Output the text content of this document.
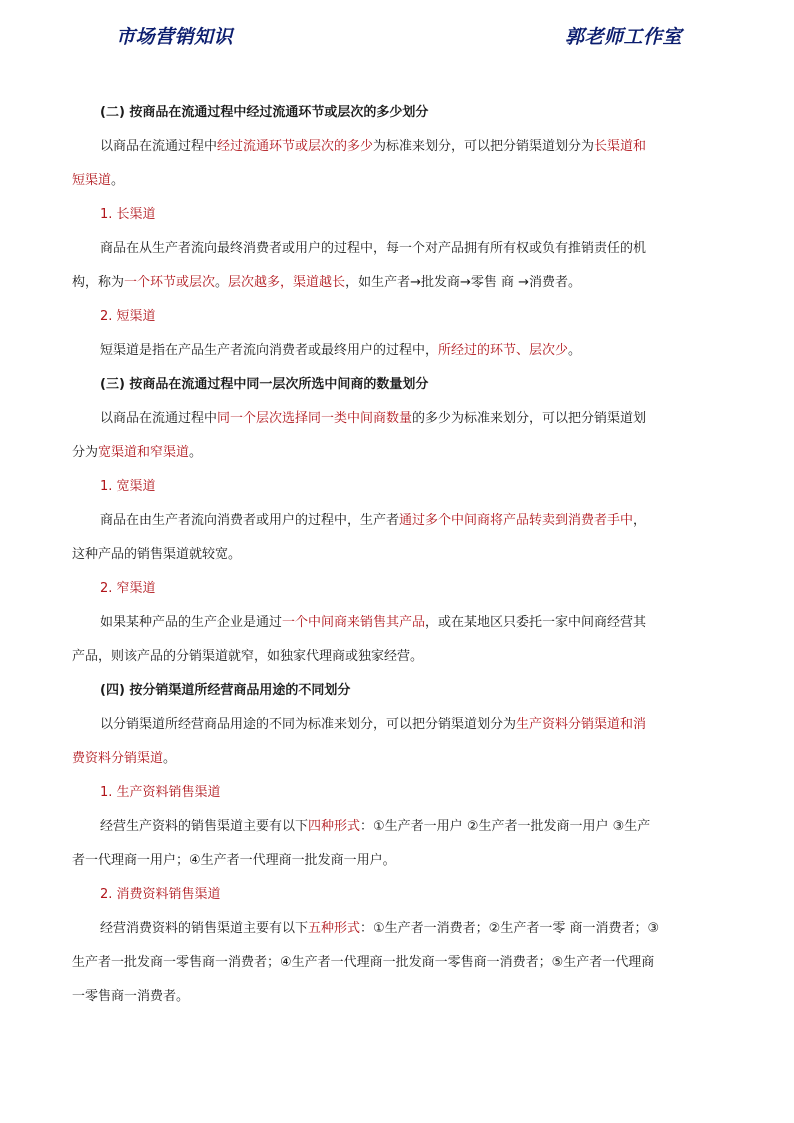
市场营销知识	郭老师工作室
(二) 按商品在流通过程中经过流通环节或层次的多少划分
以商品在流通过程中经过流通环节或层次的多少为标准来划分，可以把分销渠道划分为长渠道和
短渠道。
1. 长渠道
商品在从生产者流向最终消费者或用户的过程中，每一个对产品拥有所有权或负有推销责任的机
构，称为一个环节或层次。层次越多，渠道越长，如生产者→批发商→零售 商 →消费者。
2. 短渠道
短渠道是指在产品生产者流向消费者或最终用户的过程中，所经过的环节、层次少。
(三) 按商品在流通过程中同一层次所选中间商的数量划分
以商品在流通过程中同一个层次选择同一类中间商数量的多少为标准来划分，可以把分销渠道划
分为宽渠道和窄渠道。
1. 宽渠道
商品在由生产者流向消费者或用户的过程中，生产者通过多个中间商将产品转卖到消费者手中，
这种产品的销售渠道就较宽。
2. 窄渠道
如果某种产品的生产企业是通过一个中间商来销售其产品，或在某地区只委托一家中间商经营其
产品，则该产品的分销渠道就窄，如独家代理商或独家经营。
(四) 按分销渠道所经营商品用途的不同划分
以分销渠道所经营商品用途的不同为标准来划分，可以把分销渠道划分为生产资料分销渠道和消
费资料分销渠道。
1. 生产资料销售渠道
经营生产资料的销售渠道主要有以下四种形式：①生产者一用户 ②生产者一批发商一用户 ③生产
者一代理商一用户；④生产者一代理商一批发商一用户。
2. 消费资料销售渠道
经营消费资料的销售渠道主要有以下五种形式：①生产者一消费者；②生产者一零 商一消费者；③
生产者一批发商一零售商一消费者；④生产者一代理商一批发商一零售商一消费者；⑤生产者一代理商
一零售商一消费者。
